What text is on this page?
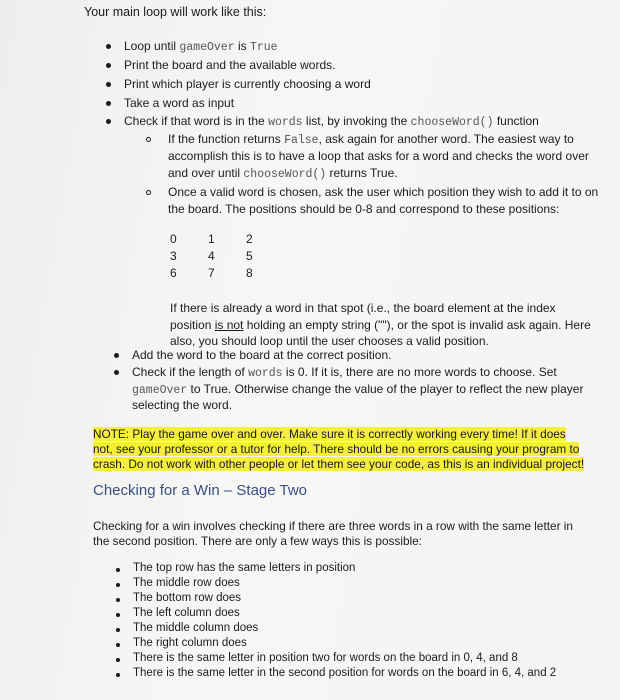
Your main loop will work like this:
Loop until gameOver is True
Print the board and the available words.
Print which player is currently choosing a word
Take a word as input
Check if that word is in the words list, by invoking the chooseWord() function
If the function returns False, ask again for another word. The easiest way to
accomplish this is to have a loop that asks for a word and checks the word over
and over until chooseWord() returns True.
Once a valid word is chosen, ask the user which position they wish to add it to on
the board. The positions should be 0-8 and correspond to these positions:
0	1	2
3	4	5
6	7	8
If there is already a word in that spot (i.e., the board element at the index
position is not holding an empty string (""), or the spot is invalid ask again. Here
also, you should loop until the user chooses a valid position.
Add the word to the board at the correct position.
Check if the length of words is 0. If it is, there are no more words to choose. Set
gameOver to True. Otherwise change the value of the player to reflect the new player
selecting the word.
NOTE: Play the game over and over. Make sure it is correctly working every time! If it does
not, see your professor or a tutor for help. There should be no errors causing your program to
crash. Do not work with other people or let them see your code, as this is an individual project!
Checking for a Win – Stage Two
Checking for a win involves checking if there are three words in a row with the same letter in
the second position. There are only a few ways this is possible:
The top row has the same letters in position
The middle row does
The bottom row does
The left column does
The middle column does
The right column does
There is the same letter in position two for words on the board in 0, 4, and 8
There is the same letter in the second position for words on the board in 6, 4, and 2
